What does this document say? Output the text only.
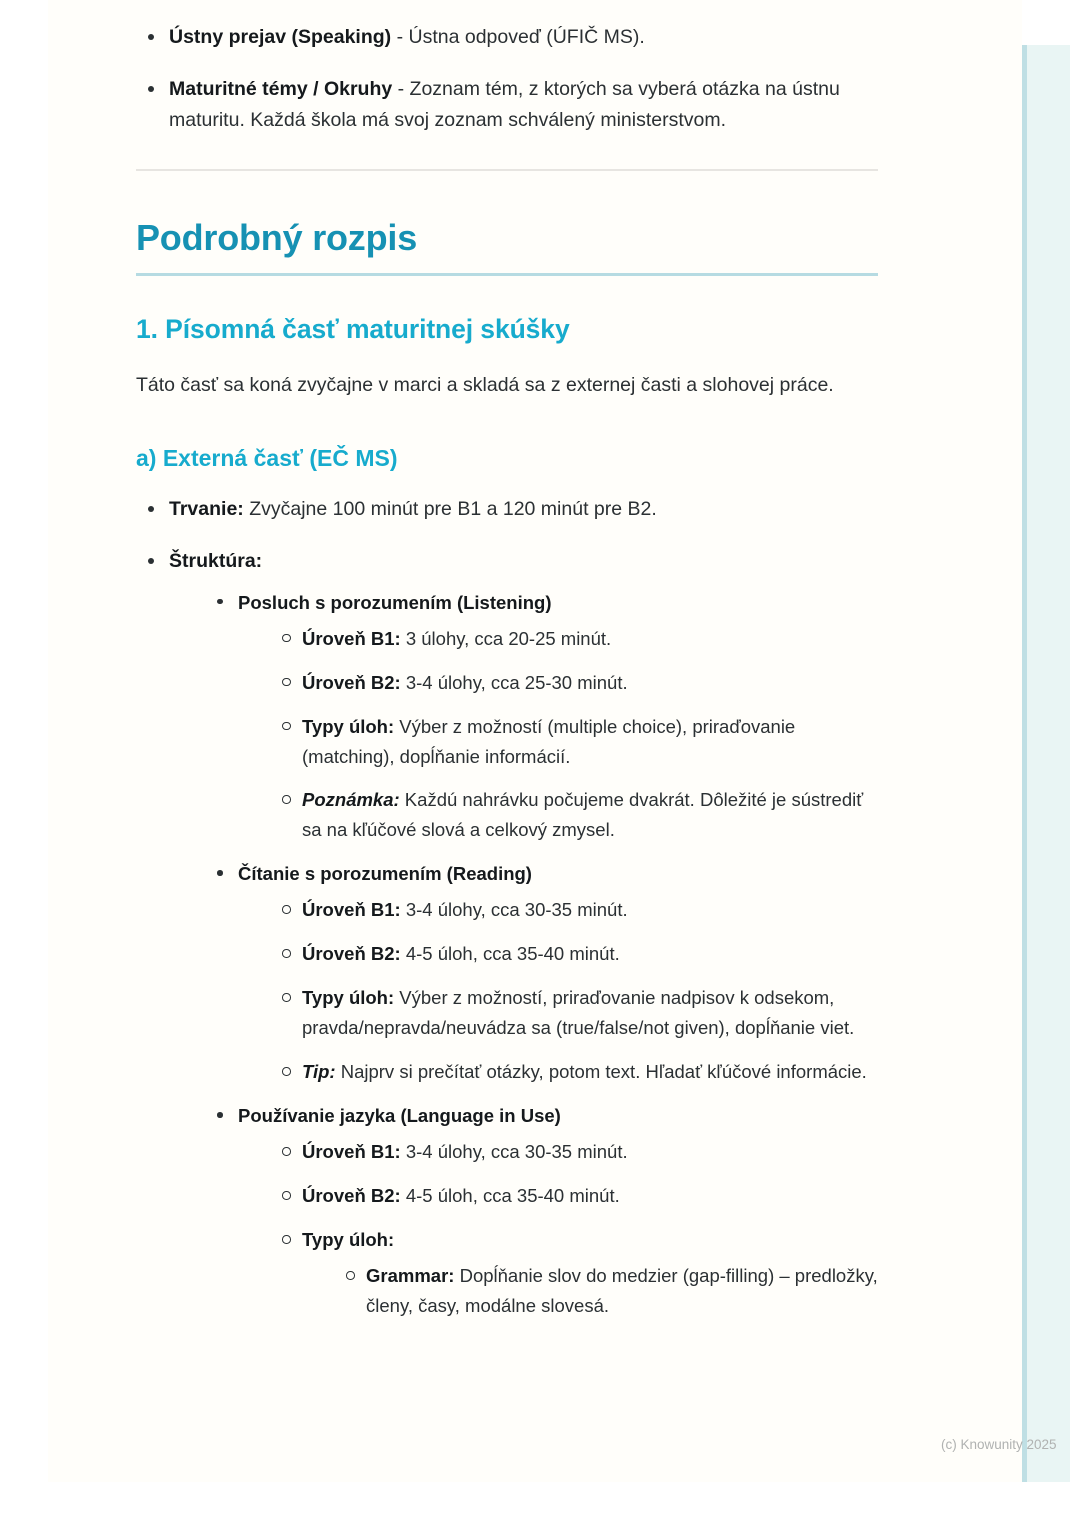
Ústny prejav (Speaking) - Ústna odpoveď (ÚFIČ MS).
Maturitné témy / Okruhy - Zoznam tém, z ktorých sa vyberá otázka na ústnu maturitu. Každá škola má svoj zoznam schválený ministerstvom.
Podrobný rozpis
1. Písomná časť maturitnej skúšky

Táto časť sa koná zvyčajne v marci a skladá sa z externej časti a slohovej práce.

a) Externá časť (EČ MS)
Trvanie: Zvyčajne 100 minút pre B1 a 120 minút pre B2.
Štruktúra:
Posluch s porozumením (Listening)
Úroveň B1: 3 úlohy, cca 20-25 minút.
Úroveň B2: 3-4 úlohy, cca 25-30 minút.
Typy úloh: Výber z možností (multiple choice), priraďovanie (matching), dopĺňanie informácií.
Poznámka: Každú nahrávku počujeme dvakrát. Dôležité je sústrediť sa na kľúčové slová a celkový zmysel.
Čítanie s porozumením (Reading)
Úroveň B1: 3-4 úlohy, cca 30-35 minút.
Úroveň B2: 4-5 úloh, cca 35-40 minút.
Typy úloh: Výber z možností, priraďovanie nadpisov k odsekom, pravda/nepravda/neuvádza sa (true/false/not given), dopĺňanie viet.
Tip: Najprv si prečítať otázky, potom text. Hľadať kľúčové informácie.
Používanie jazyka (Language in Use)
Úroveň B1: 3-4 úlohy, cca 30-35 minút.
Úroveň B2: 4-5 úloh, cca 35-40 minút.
Typy úloh:
Grammar: Dopĺňanie slov do medzier (gap-filling) – predložky, členy, časy, modálne slovesá.
(c) Knowunity 2025
